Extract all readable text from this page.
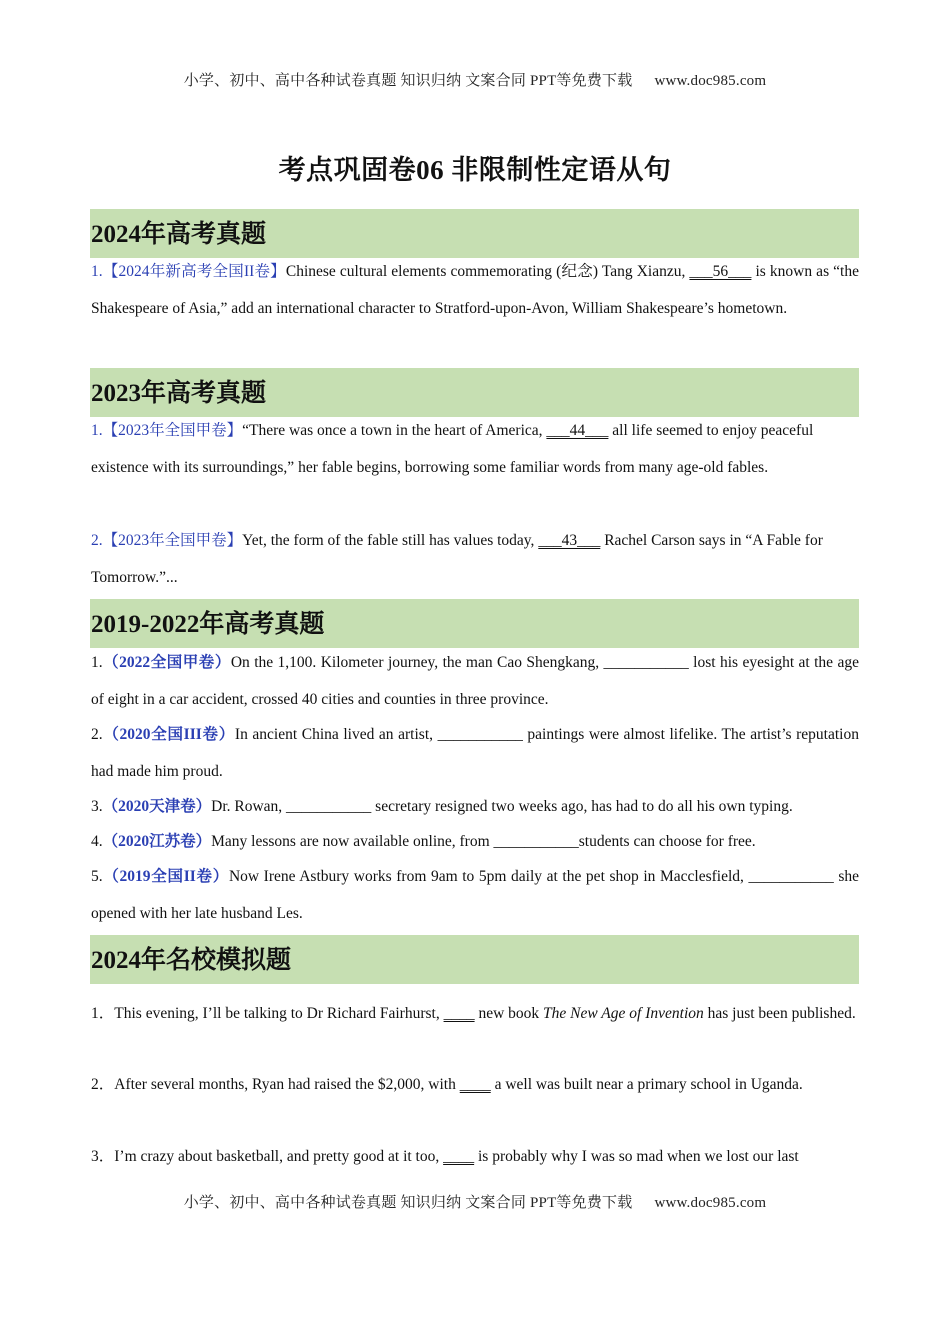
小学、初中、高中各种试卷真题 知识归纳 文案合同 PPT等免费下载 www.doc985.com
考点巩固卷06 非限制性定语从句
2024年高考真题

1.【2024年新高考全国II卷】Chinese cultural elements commemorating (纪念) Tang Xianzu, ___56___ is known as “the Shakespeare of Asia,” add an international character to Stratford-upon-Avon, William Shakespeare’s hometown.

2023年高考真题

1.【2023年全国甲卷】“There was once a town in the heart of America, ___44___ all life seemed to enjoy peaceful existence with its surroundings,” her fable begins, borrowing some familiar words from many age-old fables.

2.【2023年全国甲卷】Yet, the form of the fable still has values today, ___43___ Rachel Carson says in “A Fable for Tomorrow.”...

2019-2022年高考真题

1.（2022全国甲卷）On the 1,100. Kilometer journey, the man Cao Shengkang, ___________ lost his eyesight at the age of eight in a car accident, crossed 40 cities and counties in three province.

2.（2020全国III卷）In ancient China lived an artist, ___________ paintings were almost lifelike. The artist’s reputation had made him proud.

3.（2020天津卷）Dr. Rowan, ___________ secretary resigned two weeks ago, has had to do all his own typing.

4.（2020江苏卷）Many lessons are now available online, from ___________students can choose for free.

5.（2019全国II卷）Now Irene Astbury works from 9am to 5pm daily at the pet shop in Macclesfield, ___________ she opened with her late husband Les.

2024年名校模拟题

1．This evening, I’ll be talking to Dr Richard Fairhurst, ____ new book The New Age of Invention has just been published.

2．After several months, Ryan had raised the $2,000, with ____ a well was built near a primary school in Uganda.

3．I’m crazy about basketball, and pretty good at it too, ____ is probably why I was so mad when we lost our last

小学、初中、高中各种试卷真题 知识归纳 文案合同 PPT等免费下载 www.doc985.com
